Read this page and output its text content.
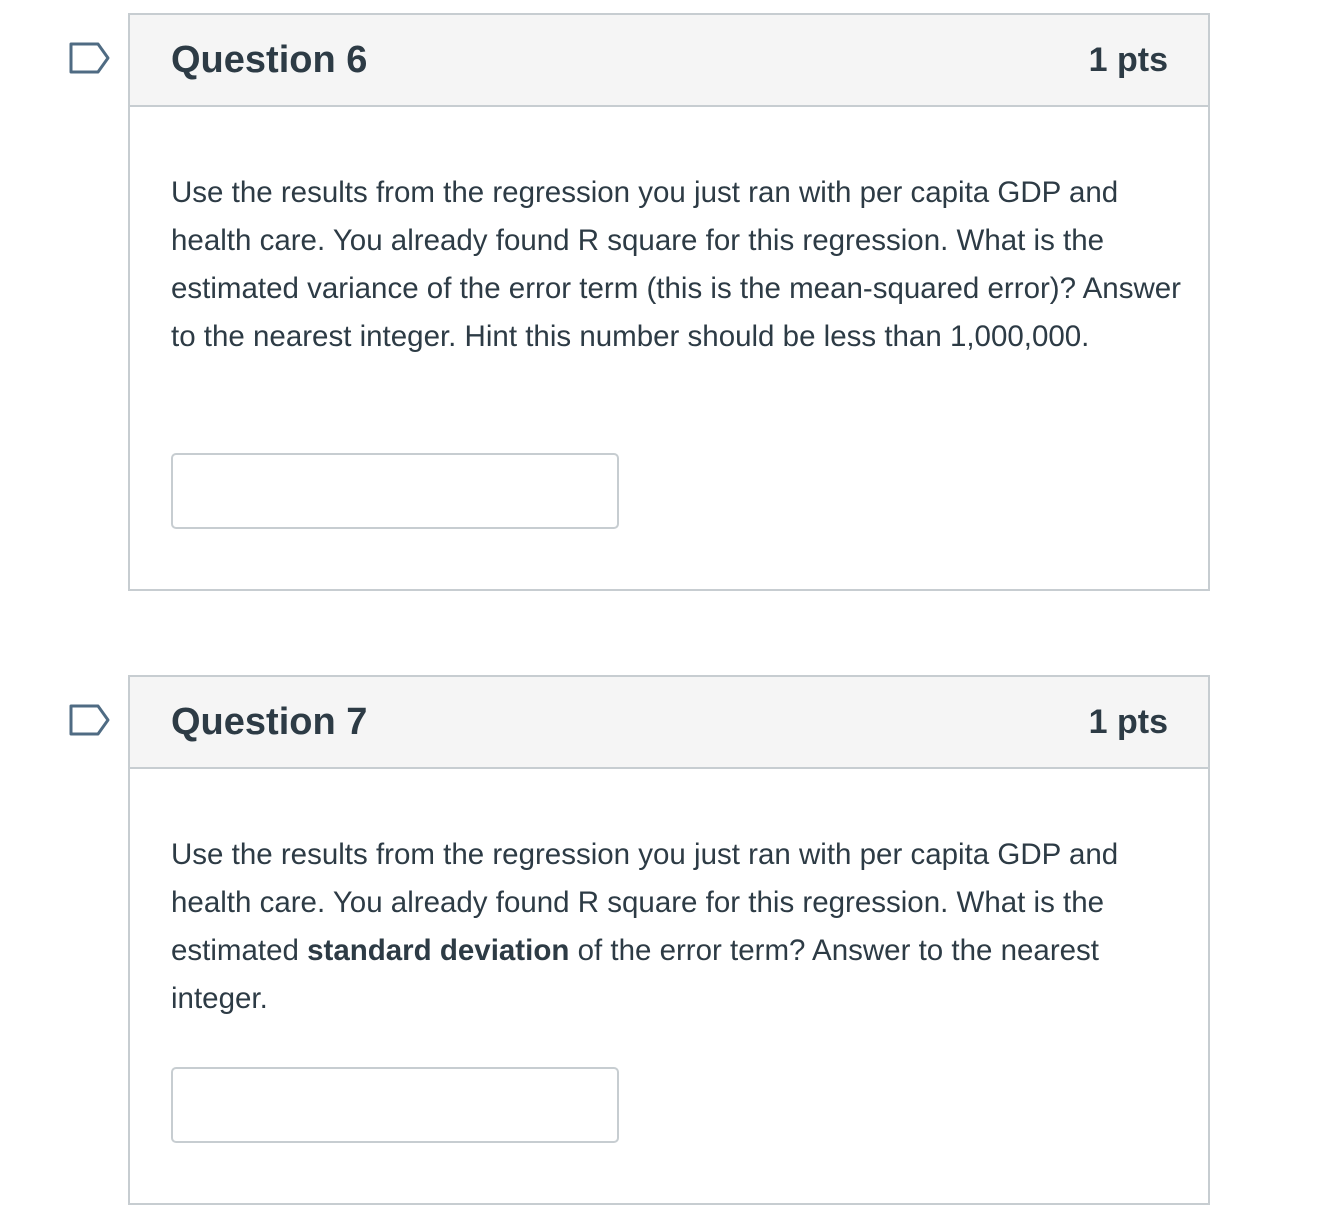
Question 6	1 pts

Use the results from the regression you just ran with per capita GDP and health care. You already found R square for this regression. What is the estimated variance of the error term (this is the mean-squared error)? Answer to the nearest integer. Hint this number should be less than 1,000,000.

Question 7	1 pts

Use the results from the regression you just ran with per capita GDP and health care. You already found R square for this regression. What is the estimated standard deviation of the error term? Answer to the nearest integer.
